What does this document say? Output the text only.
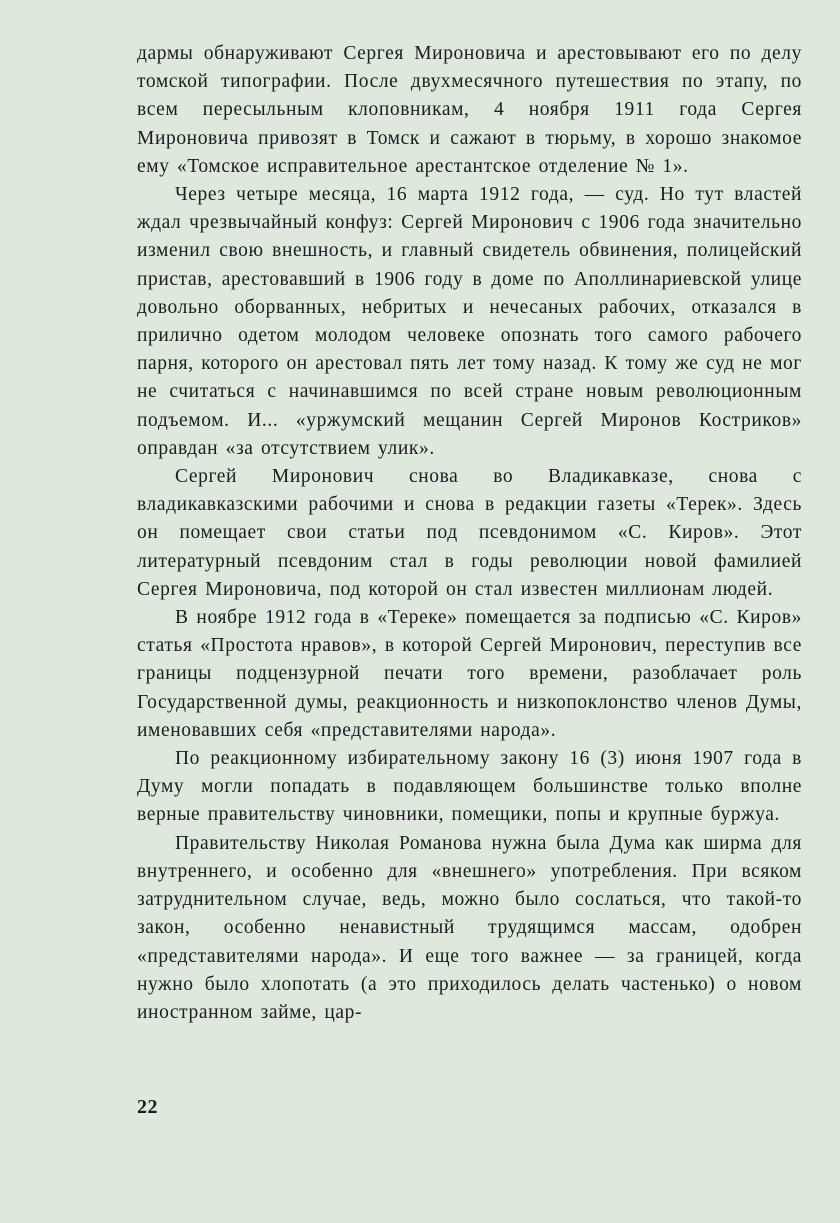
дармы обнаруживают Сергея Мироновича и арестовывают его по делу томской типографии. После двухмесячного путешествия по этапу, по всем пересыльным клоповникам, 4 ноября 1911 года Сергея Мироновича привозят в Томск и сажают в тюрьму, в хорошо знакомое ему «Томское исправительное арестантское отделение № 1».

Через четыре месяца, 16 марта 1912 года, — суд. Но тут властей ждал чрезвычайный конфуз: Сергей Миронович с 1906 года значительно изменил свою внешность, и главный свидетель обвинения, полицейский пристав, арестовавший в 1906 году в доме по Аполлинариевской улице довольно оборванных, небритых и нечесаных рабочих, отказался в прилично одетом молодом человеке опознать того самого рабочего парня, которого он арестовал пять лет тому назад. К тому же суд не мог не считаться с начинавшимся по всей стране новым революционным подъемом. И... «уржумский мещанин Сергей Миронов Костриков» оправдан «за отсутствием улик».

Сергей Миронович снова во Владикавказе, снова с владикавказскими рабочими и снова в редакции газеты «Терек». Здесь он помещает свои статьи под псевдонимом «С. Киров». Этот литературный псевдоним стал в годы революции новой фамилией Сергея Мироновича, под которой он стал известен миллионам людей.

В ноябре 1912 года в «Тереке» помещается за подписью «С. Киров» статья «Простота нравов», в которой Сергей Миронович, переступив все границы подцензурной печати того времени, разоблачает роль Государственной думы, реакционность и низкопоклонство членов Думы, именовавших себя «представителями народа».

По реакционному избирательному закону 16 (3) июня 1907 года в Думу могли попадать в подавляющем большинстве только вполне верные правительству чиновники, помещики, попы и крупные буржуа.

Правительству Николая Романова нужна была Дума как ширма для внутреннего, и особенно для «внешнего» употребления. При всяком затруднительном случае, ведь, можно было сослаться, что такой-то закон, особенно ненавистный трудящимся массам, одобрен «представителями народа». И еще того важнее — за границей, когда нужно было хлопотать (а это приходилось делать частенько) о новом иностранном займе, цар-

22
